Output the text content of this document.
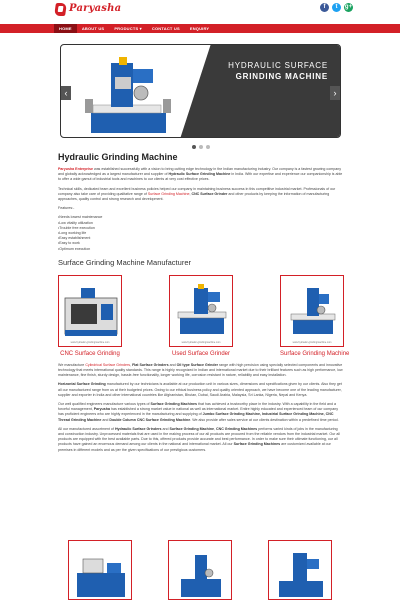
Paryasha	f	t	g+
HOME	ABOUT US	PRODUCTS ▾	CONTACT US	ENQUIRY
HYDRAULIC SURFACE
GRINDING MACHINE
‹	›
Hydraulic Grinding Machine

Paryusha Enterprise was established successfully with a vision to bring cutting edge technology in the Indian manufacturing industry. Our company is a fastest growing company and globally acknowledged as a largest manufacturer and supplier of Hydraulic Surface Grinding Machine in India. With our expertise and experience our companionship is able to offer a wide gamut of industrial tools and machines to our clients at very cost effective prices.

Technical skills, dedicated team and excellent business policies helped our company in maintaining business success in this competitive industrial market. Professionals of our company also take care of providing qualitative range of Surface Grinding Machine, CNC Surface Grinder and other products by keeping the information of manufacturing approaches, quality control and strong research and development.

Features:-

• Needs lowest maintenance
• Low vitality utilization
• Trouble free execution
• Long working life
• Easy establishment
• Easy to work
• Optimum execution
Surface Grinding Machine Manufacturer
www.hydraulic-grindingmachine.com
CNC Surface Grinding
www.hydraulic-grindingmachine.com
Used Surface Grinder
www.hydraulic-grindingmachine.com
Surface Grinding Machine

We manufacture Cylindrical Surface Grinders, Flat Surface Grinders and Oil type Surface Grinder range with high precision using specially selected components and innovative technology that meets international quality standards. This range is highly recognized in Indian and international market due to their brilliant features such as high performance, low maintenance, fine finish, sturdy design, hassle-free functionality, longer working life, corrosion resistant in nature, reliability and easy installation.

Horizontal Surface Grinding manufactured by our technicians is available at our production unit in various sizes, dimensions and specifications given by our clients. Also they get all our manufactured range from us at their budgeted prices. Owing to our ethical business policy and quality oriented approach, we have become one of the leading manufacturer, supplier and exporter in India and other international countries like Afghanistan, Bhutan, Dubai, Saudi Arabia, Malaysia, Sri Lanka, Nigeria, Nepal and Kenya.

Our well qualified engineers manufacture various types of Surface Grinding Machines that has achieved a trustworthy place in the industry. With a capability in the field and a forceful management, Paryusha has established a strong market value in national as well as international market. Entire highly educated and experienced team of our company has proficient engineers who are highly experienced in the manufacturing and supplying of Jumbo Surface Grinding Machine, Industrial Surface Grinding Machine, CNC Thread Grinding Machine and Double Column CNC Surface Grinding Machine. We also provide after sales service at our clients destination within a predefined time period.

All our manufactured assortment of Hydraulic Surface Grinders and Surface Grinding Machine, CNC Grinding Machines performs varied kinds of jobs in the manufacturing and construction industry. Unprocessed materials that are used in the making process of our all products are procured from the reliable vendors from the industrial market. Our all products are equipped with the best available parts. Due to this, offered products provide accurate and best performance. In order to make sure their ultimate functioning, our all products have gained an enormous demand among our clients in the national and international market. All our Surface Grinding Machines are customized available at our premises in different models and as per the given specifications of our prestigious customers.
